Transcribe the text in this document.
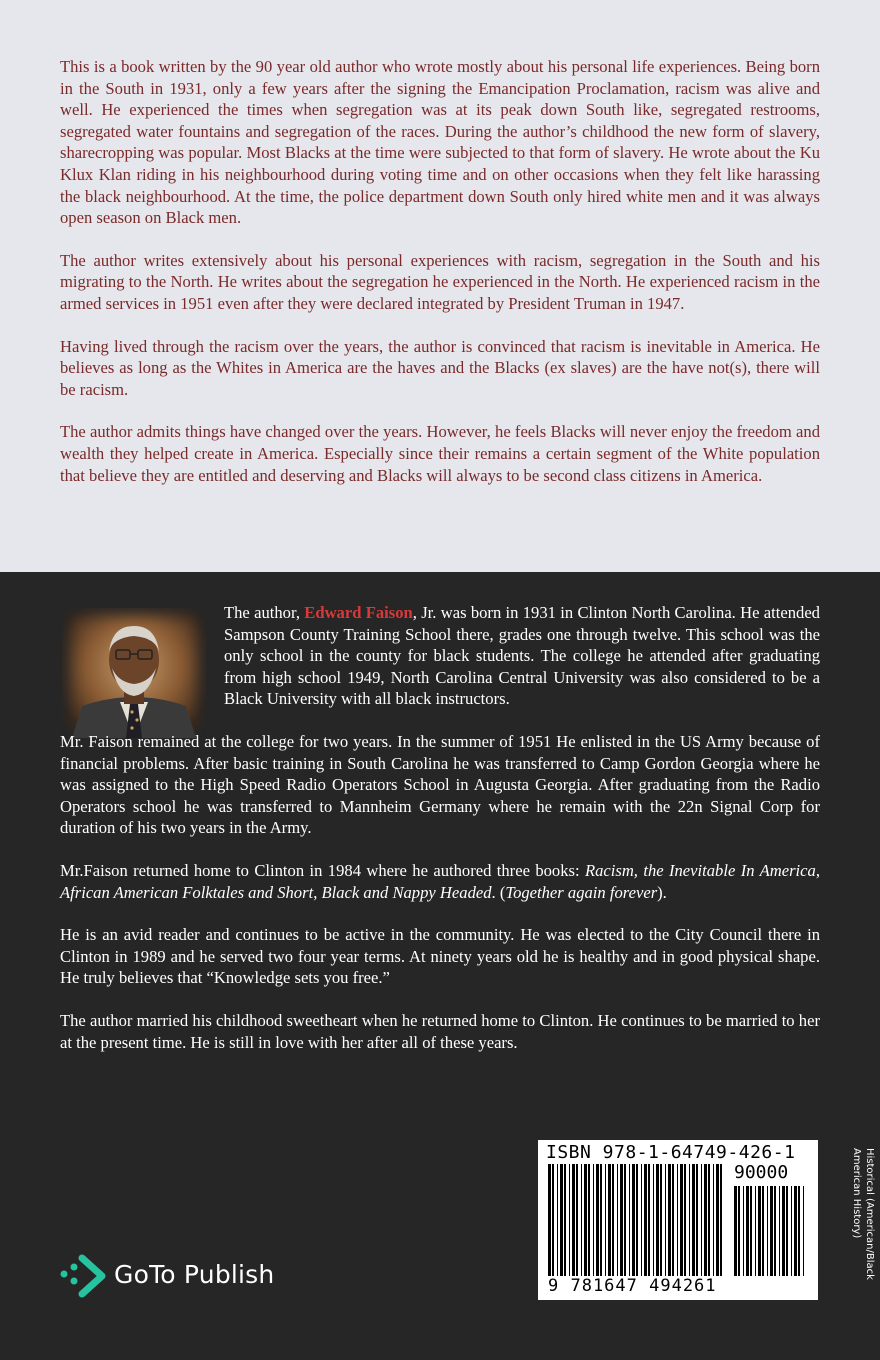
This is a book written by the 90 year old author who wrote mostly about his personal life experiences. Being born in the South in 1931, only a few years after the signing the Emancipation Proclamation, racism was alive and well. He experienced the times when segregation was at its peak down South like, segregated restrooms, segregated water fountains and segregation of the races. During the author’s childhood the new form of slavery, sharecropping was popular. Most Blacks at the time were subjected to that form of slavery. He wrote about the Ku Klux Klan riding in his neighbourhood during voting time and on other occasions when they felt like harassing the black neighbourhood. At the time, the police department down South only hired white men and it was always open season on Black men.

The author writes extensively about his personal experiences with racism, segregation in the South and his migrating to the North. He writes about the segregation he experienced in the North. He experienced racism in the armed services in 1951 even after they were declared integrated by President Truman in 1947.

Having lived through the racism over the years, the author is convinced that racism is inevitable in America. He believes as long as the Whites in America are the haves and the Blacks (ex slaves) are the have not(s), there will be racism.

The author admits things have changed over the years. However, he feels Blacks will never enjoy the freedom and wealth they helped create in America. Especially since their remains a certain segment of the White population that believe they are entitled and deserving and Blacks will always to be second class citizens in America.

The author, Edward Faison, Jr. was born in 1931 in Clinton North Carolina. He attended Sampson County Training School there, grades one through twelve. This school was the only school in the county for black students. The college he attended after graduating from high school 1949, North Carolina Central University was also considered to be a Black University with all black instructors.

Mr. Faison remained at the college for two years. In the summer of 1951 He enlisted in the US Army because of financial problems. After basic training in South Carolina he was transferred to Camp Gordon Georgia where he was assigned to the High Speed Radio Operators School in Augusta Georgia. After graduating from the Radio Operators school he was transferred to Mannheim Germany where he remain with the 22n Signal Corp for duration of his two years in the Army.

Mr.Faison returned home to Clinton in 1984 where he authored three books: Racism, the Inevitable In America, African American Folktales and Short, Black and Nappy Headed. (Together again forever).

He is an avid reader and continues to be active in the community. He was elected to the City Council there in Clinton in 1989 and he served two four year terms. At ninety years old he is healthy and in good physical shape. He truly believes that “Knowledge sets you free.”

The author married his childhood sweetheart when he returned home to Clinton. He continues to be married to her at the present time. He is still in love with her after all of these years.

GoTo Publish
ISBN 978-1-64749-426-1
90000
9 781647 494261
Historical (American/Black American History)
